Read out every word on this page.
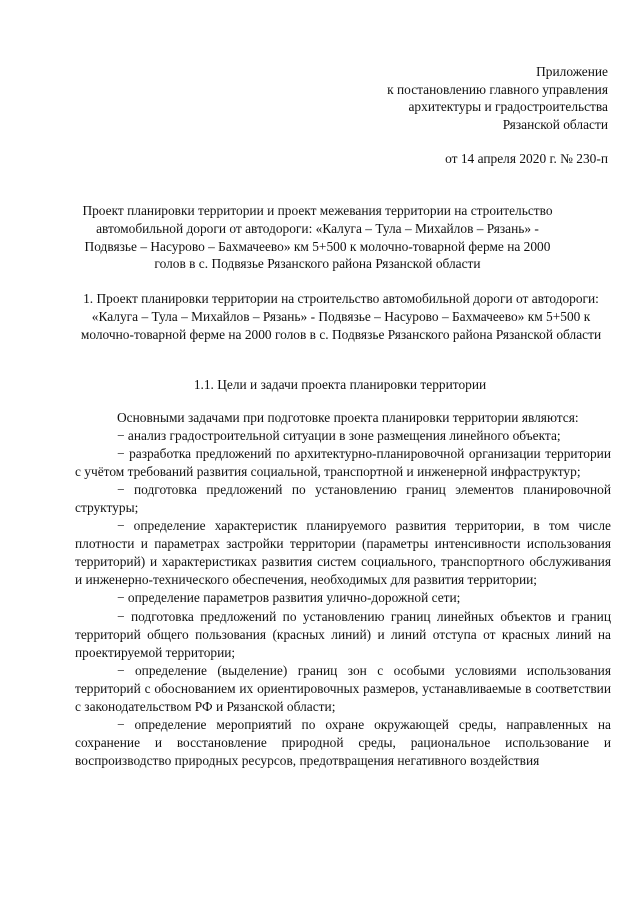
Приложение
к постановлению главного управления
архитектуры и градостроительства
Рязанской области
от 14 апреля 2020 г. № 230-п
Проект планировки территории и проект межевания территории на строительство автомобильной дороги от автодороги: «Калуга – Тула – Михайлов – Рязань» - Подвязье – Насурово – Бахмачеево» км 5+500 к молочно-товарной ферме на 2000 голов в с. Подвязье Рязанского района Рязанской области
1. Проект планировки территории на строительство автомобильной дороги от автодороги: «Калуга – Тула – Михайлов – Рязань» - Подвязье – Насурово – Бахмачеево» км 5+500 к молочно-товарной ферме на 2000 голов в с. Подвязье Рязанского района Рязанской области
1.1. Цели и задачи проекта планировки территории

Основными задачами при подготовке проекта планировки территории являются:

− анализ градостроительной ситуации в зоне размещения линейного объекта;

− разработка предложений по архитектурно-планировочной организации территории с учётом требований развития социальной, транспортной и инженерной инфраструктур;

− подготовка предложений по установлению границ элементов планировочной структуры;

− определение характеристик планируемого развития территории, в том числе плотности и параметрах застройки территории (параметры интенсивности использования территорий) и характеристиках развития систем социального, транспортного обслуживания и инженерно-технического обеспечения, необходимых для развития территории;

− определение параметров развития улично-дорожной сети;

− подготовка предложений по установлению границ линейных объектов и границ территорий общего пользования (красных линий) и линий отступа от красных линий на проектируемой территории;

− определение (выделение) границ зон с особыми условиями использования территорий с обоснованием их ориентировочных размеров, устанавливаемые в соответствии с законодательством РФ и Рязанской области;

− определение мероприятий по охране окружающей среды, направленных на сохранение и восстановление природной среды, рациональное использование и воспроизводство природных ресурсов, предотвращения негативного воздействия
